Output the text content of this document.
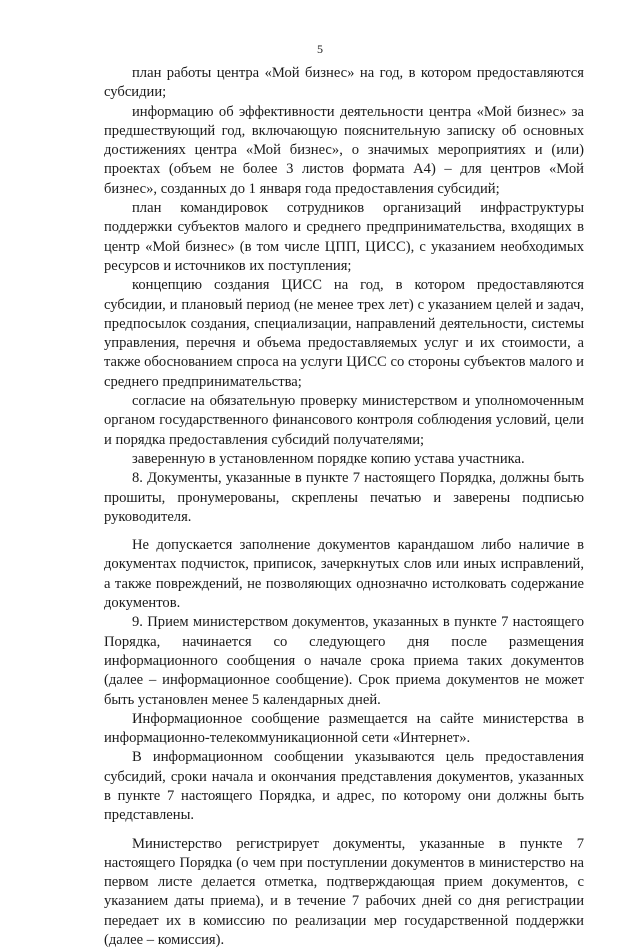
5

план работы центра «Мой бизнес» на год, в котором предоставляются субсидии;

информацию об эффективности деятельности центра «Мой бизнес» за предшествующий год, включающую пояснительную записку об основных достижениях центра «Мой бизнес», о значимых мероприятиях и (или) проектах (объем не более 3 листов формата А4) – для центров «Мой бизнес», созданных до 1 января года предоставления субсидий;

план командировок сотрудников организаций инфраструктуры поддержки субъектов малого и среднего предпринимательства, входящих в центр «Мой бизнес» (в том числе ЦПП, ЦИСС), с указанием необходимых ресурсов и источников их поступления;

концепцию создания ЦИСС на год, в котором предоставляются субсидии, и плановый период (не менее трех лет) с указанием целей и задач, предпосылок создания, специализации, направлений деятельности, системы управления, перечня и объема предоставляемых услуг и их стоимости, а также обоснованием спроса на услуги ЦИСС со стороны субъектов малого и среднего предпринимательства;

согласие на обязательную проверку министерством и уполномоченным органом государственного финансового контроля соблюдения условий, цели и порядка предоставления субсидий получателями;

заверенную в установленном порядке копию устава участника.

8. Документы, указанные в пункте 7 настоящего Порядка, должны быть прошиты, пронумерованы, скреплены печатью и заверены подписью руководителя.

Не допускается заполнение документов карандашом либо наличие в документах подчисток, приписок, зачеркнутых слов или иных исправлений, а также повреждений, не позволяющих однозначно истолковать содержание документов.

9. Прием министерством документов, указанных в пункте 7 настоящего Порядка, начинается со следующего дня после размещения информационного сообщения о начале срока приема таких документов (далее – информационное сообщение). Срок приема документов не может быть установлен менее 5 календарных дней.

Информационное сообщение размещается на сайте министерства в информационно-телекоммуникационной сети «Интернет».

В информационном сообщении указываются цель предоставления субсидий, сроки начала и окончания представления документов, указанных в пункте 7 настоящего Порядка, и адрес, по которому они должны быть представлены.

Министерство регистрирует документы, указанные в пункте 7 настоящего Порядка (о чем при поступлении документов в министерство на первом листе делается отметка, подтверждающая прием документов, с указанием даты приема), и в течение 7 рабочих дней со дня регистрации передает их в комиссию по реализации мер государственной поддержки (далее – комиссия).
